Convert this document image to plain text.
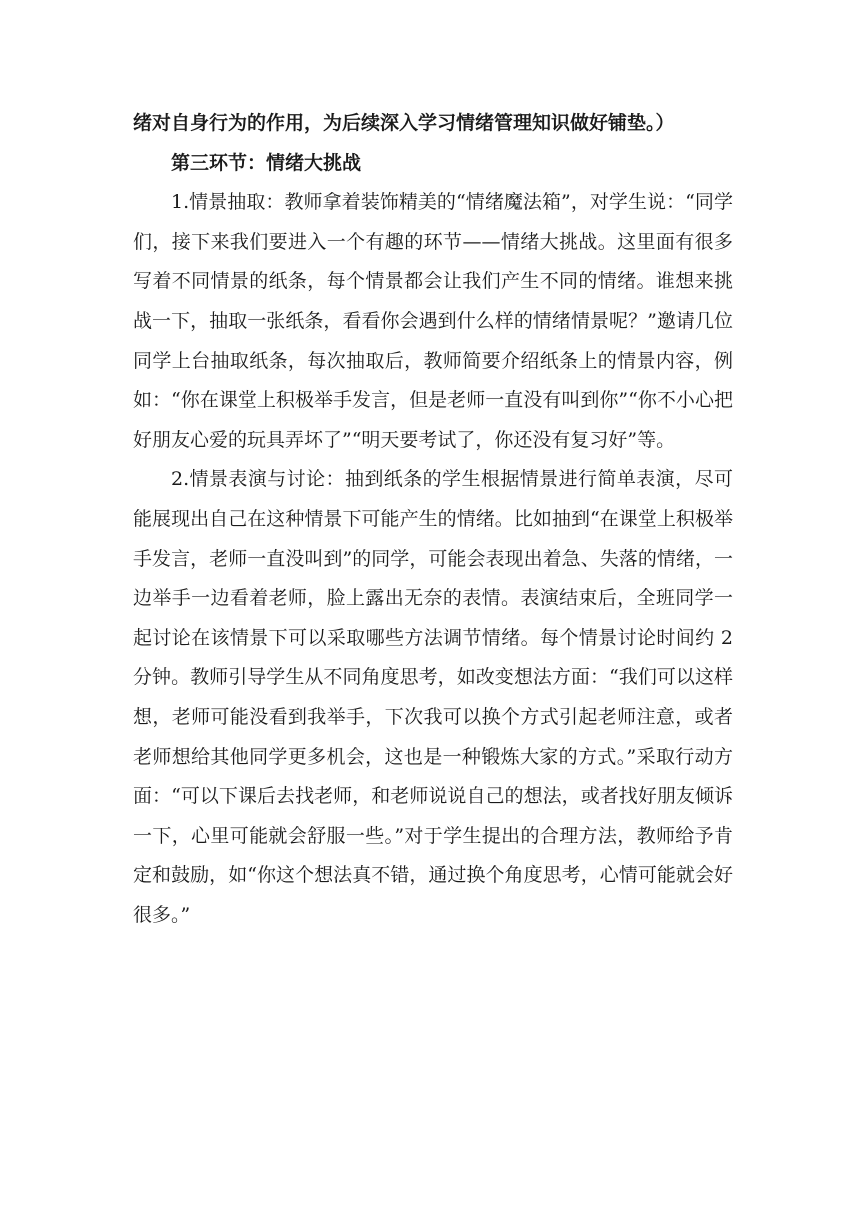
绪对自身行为的作用，为后续深入学习情绪管理知识做好铺垫。）

第三环节：情绪大挑战

1.情景抽取：教师拿着装饰精美的“情绪魔法箱”，对学生说：“同学们，接下来我们要进入一个有趣的环节——情绪大挑战。这里面有很多写着不同情景的纸条，每个情景都会让我们产生不同的情绪。谁想来挑战一下，抽取一张纸条，看看你会遇到什么样的情绪情景呢？”邀请几位同学上台抽取纸条，每次抽取后，教师简要介绍纸条上的情景内容，例如：“你在课堂上积极举手发言，但是老师一直没有叫到你”“你不小心把好朋友心爱的玩具弄坏了”“明天要考试了，你还没有复习好”等。

2.情景表演与讨论：抽到纸条的学生根据情景进行简单表演，尽可能展现出自己在这种情景下可能产生的情绪。比如抽到“在课堂上积极举手发言，老师一直没叫到”的同学，可能会表现出着急、失落的情绪，一边举手一边看着老师，脸上露出无奈的表情。表演结束后，全班同学一起讨论在该情景下可以采取哪些方法调节情绪。每个情景讨论时间约 2 分钟。教师引导学生从不同角度思考，如改变想法方面：“我们可以这样想，老师可能没看到我举手，下次我可以换个方式引起老师注意，或者老师想给其他同学更多机会，这也是一种锻炼大家的方式。”采取行动方面：“可以下课后去找老师，和老师说说自己的想法，或者找好朋友倾诉一下，心里可能就会舒服一些。”对于学生提出的合理方法，教师给予肯定和鼓励，如“你这个想法真不错，通过换个角度思考，心情可能就会好很多。”
